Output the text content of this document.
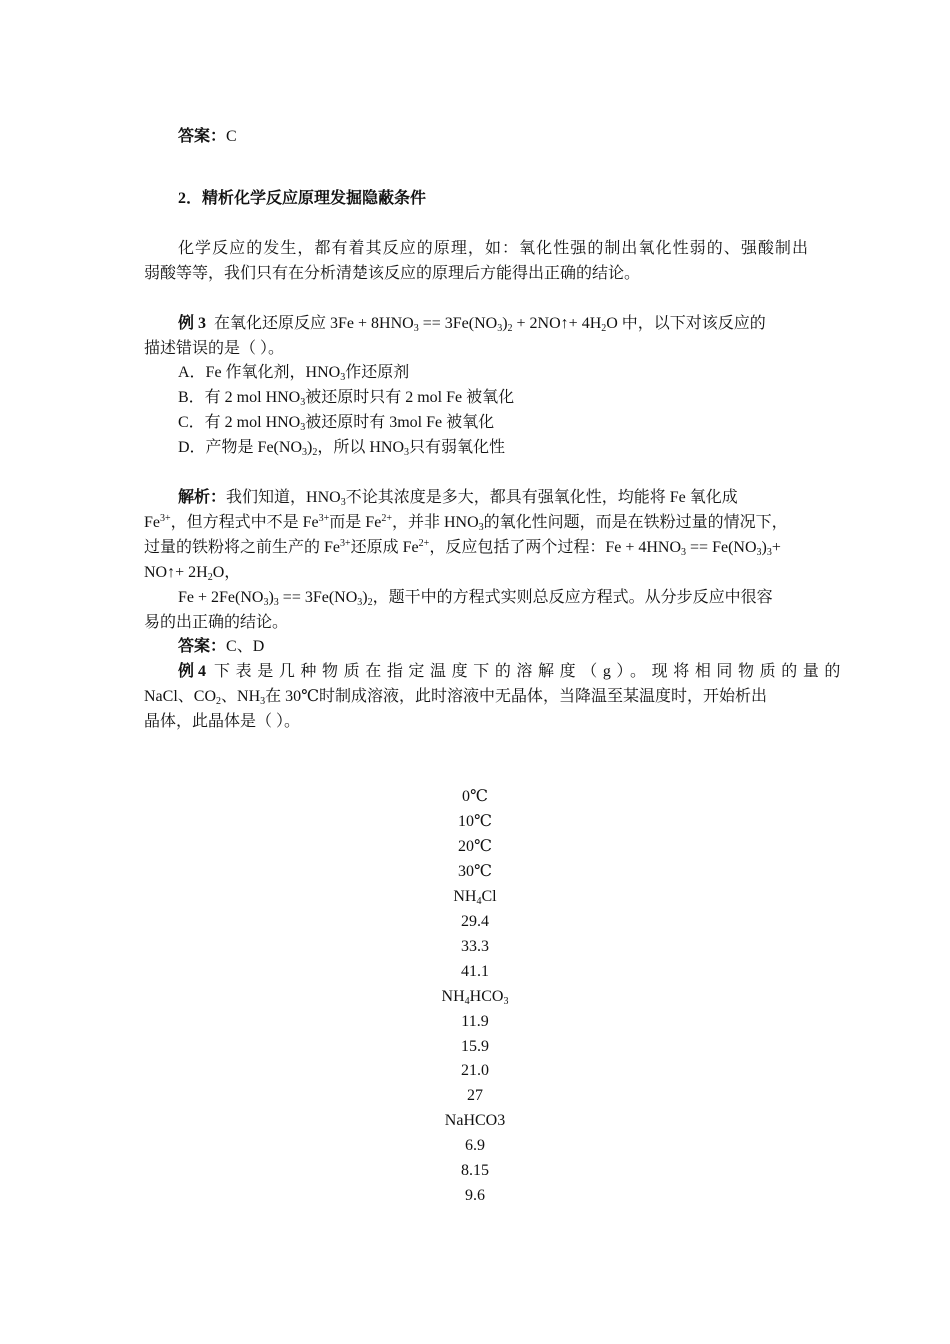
答案：C
2．精析化学反应原理发掘隐蔽条件
化学反应的发生，都有着其反应的原理，如：氧化性强的制出氧化性弱的、强酸制出
弱酸等等，我们只有在分析清楚该反应的原理后方能得出正确的结论。
例 3 在氧化还原反应 $3Fe + 8HNO_3 == 3Fe(NO_3)_2$ + 2NO↑+ $4H_2O$ 中，以下对该反应的
描述错误的是（ ）。
A．Fe 作氧化剂，$HNO_3$作还原剂
B．有 2 mol $HNO_3$被还原时只有 2 mol Fe 被氧化
C．有 2 mol $HNO_3$被还原时有 3mol Fe 被氧化
D．产物是 $Fe(NO_3)_2$，所以 $HNO_3$只有弱氧化性
解析：我们知道，$HNO_3$不论其浓度是多大，都具有强氧化性，均能将 Fe 氧化成
$Fe^{3+}$，但方程式中不是 $Fe^{3+}$而是 $Fe^{2+}$，并非 $HNO_3$的氧化性问题，而是在铁粉过量的情况下，
过量的铁粉将之前生产的 $Fe^{3+}$还原成 $Fe^{2+}$，反应包括了两个过程：$Fe + 4HNO_3 == Fe(NO_3)_3+$
NO↑+ $2H_2O$，
$Fe + 2Fe(NO_3)_3 == 3Fe(NO_3)_2$，题干中的方程式实则总反应方程式。从分步反应中很容
易的出正确的结论。
答案：C、D
例 4 下表是几种物质在指定温度下的溶解度（g）。现将相同物质的量的
NaCl、$CO_2$、$NH_3$在 30℃时制成溶液，此时溶液中无晶体，当降温至某温度时，开始析出
晶体，此晶体是（ ）。
0℃
10℃
20℃
30℃
$NH_4Cl$
29.4
33.3
41.1
$NH_4HCO_3$
11.9
15.9
21.0
27
NaHCO3
6.9
8.15
9.6
